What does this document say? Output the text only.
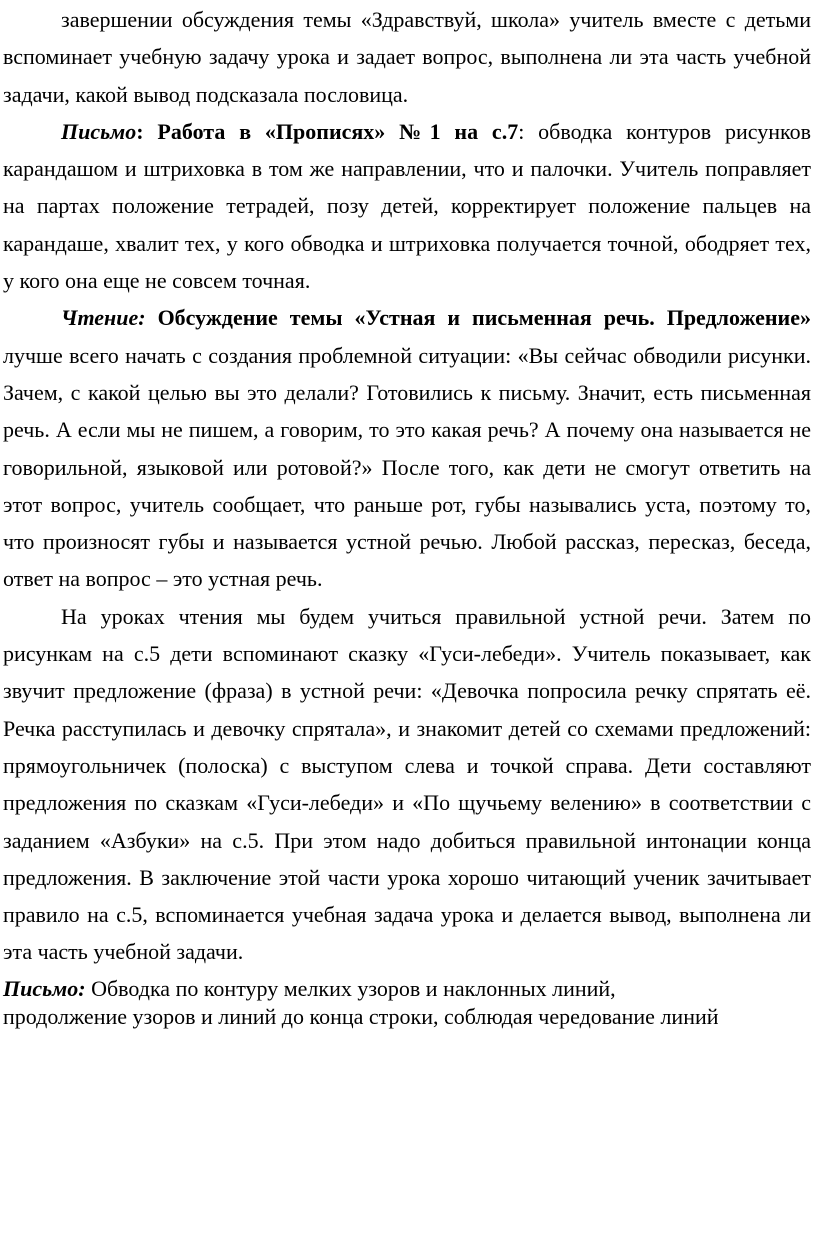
завершении обсуждения темы «Здравствуй, школа» учитель вместе с детьми вспоминает учебную задачу урока и задает вопрос, выполнена ли эта часть учебной задачи, какой вывод подсказала пословица.

Письмо: Работа в «Прописях» №1 на с.7: обводка контуров рисунков карандашом и штриховка в том же направлении, что и палочки. Учитель поправляет на партах положение тетрадей, позу детей, корректирует положение пальцев на карандаше, хвалит тех, у кого обводка и штриховка получается точной, ободряет тех, у кого она еще не совсем точная.

Чтение: Обсуждение темы «Устная и письменная речь. Предложение» лучше всего начать с создания проблемной ситуации: «Вы сейчас обводили рисунки. Зачем, с какой целью вы это делали? Готовились к письму. Значит, есть письменная речь. А если мы не пишем, а говорим, то это какая речь? А почему она называется не говорильной, языковой или ротовой?» После того, как дети не смогут ответить на этот вопрос, учитель сообщает, что раньше рот, губы назывались уста, поэтому то, что произносят губы и называется устной речью. Любой рассказ, пересказ, беседа, ответ на вопрос – это устная речь.

На уроках чтения мы будем учиться правильной устной речи. Затем по рисункам на с.5 дети вспоминают сказку «Гуси-лебеди». Учитель показывает, как звучит предложение (фраза) в устной речи: «Девочка попросила речку спрятать её. Речка расступилась и девочку спрятала», и знакомит детей со схемами предложений: прямоугольничек (полоска) с выступом слева и точкой справа. Дети составляют предложения по сказкам «Гуси-лебеди» и «По щучьему велению» в соответствии с заданием «Азбуки» на с.5. При этом надо добиться правильной интонации конца предложения. В заключение этой части урока хорошо читающий ученик зачитывает правило на с.5, вспоминается учебная задача урока и делается вывод, выполнена ли эта часть учебной задачи.

Письмо: Обводка по контуру мелких узоров и наклонных линий,
продолжение узоров и линий до конца строки, соблюдая чередование линий
